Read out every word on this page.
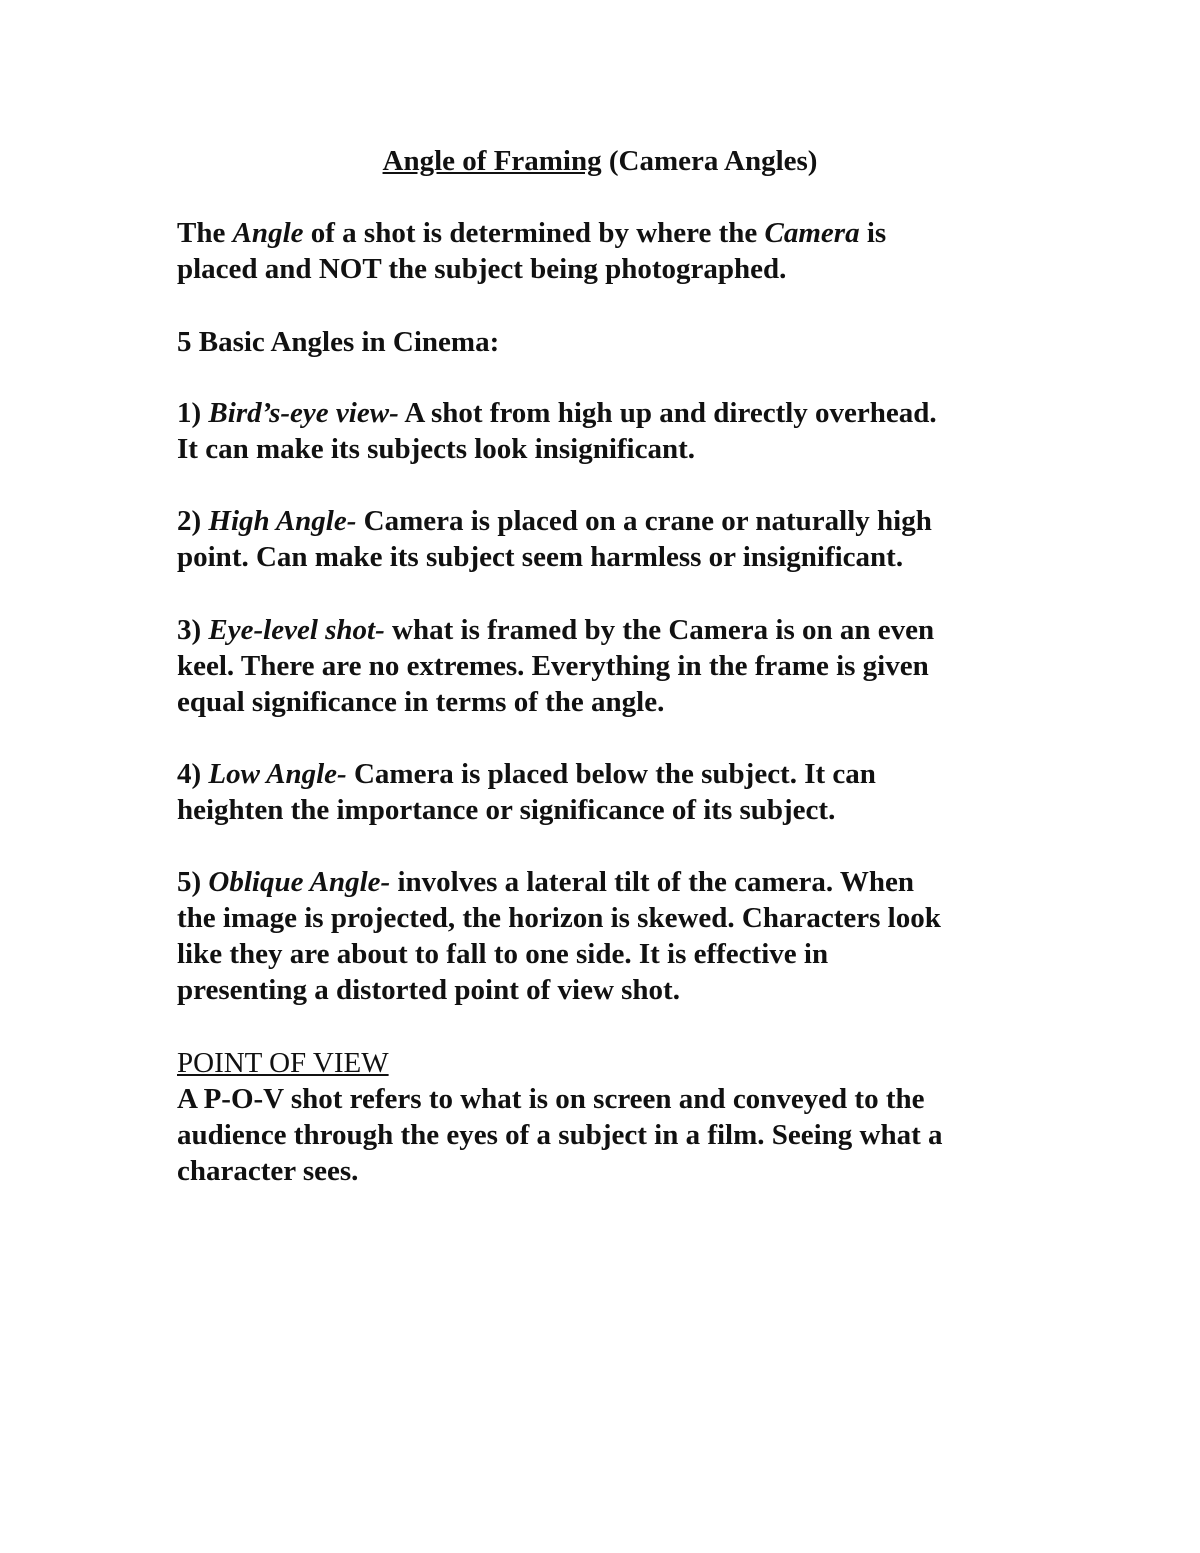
Angle of Framing (Camera Angles)
The Angle of a shot is determined by where the Camera is
placed and NOT the subject being photographed.
5 Basic Angles in Cinema:
1) Bird’s-eye view- A shot from high up and directly overhead.
It can make its subjects look insignificant.
2) High Angle- Camera is placed on a crane or naturally high
point. Can make its subject seem harmless or insignificant.
3) Eye-level shot- what is framed by the Camera is on an even
keel. There are no extremes. Everything in the frame is given
equal significance in terms of the angle.
4) Low Angle- Camera is placed below the subject. It can
heighten the importance or significance of its subject.
5) Oblique Angle- involves a lateral tilt of the camera. When
the image is projected, the horizon is skewed. Characters look
like they are about to fall to one side. It is effective in
presenting a distorted point of view shot.
POINT OF VIEW
A P-O-V shot refers to what is on screen and conveyed to the
audience through the eyes of a subject in a film. Seeing what a
character sees.
